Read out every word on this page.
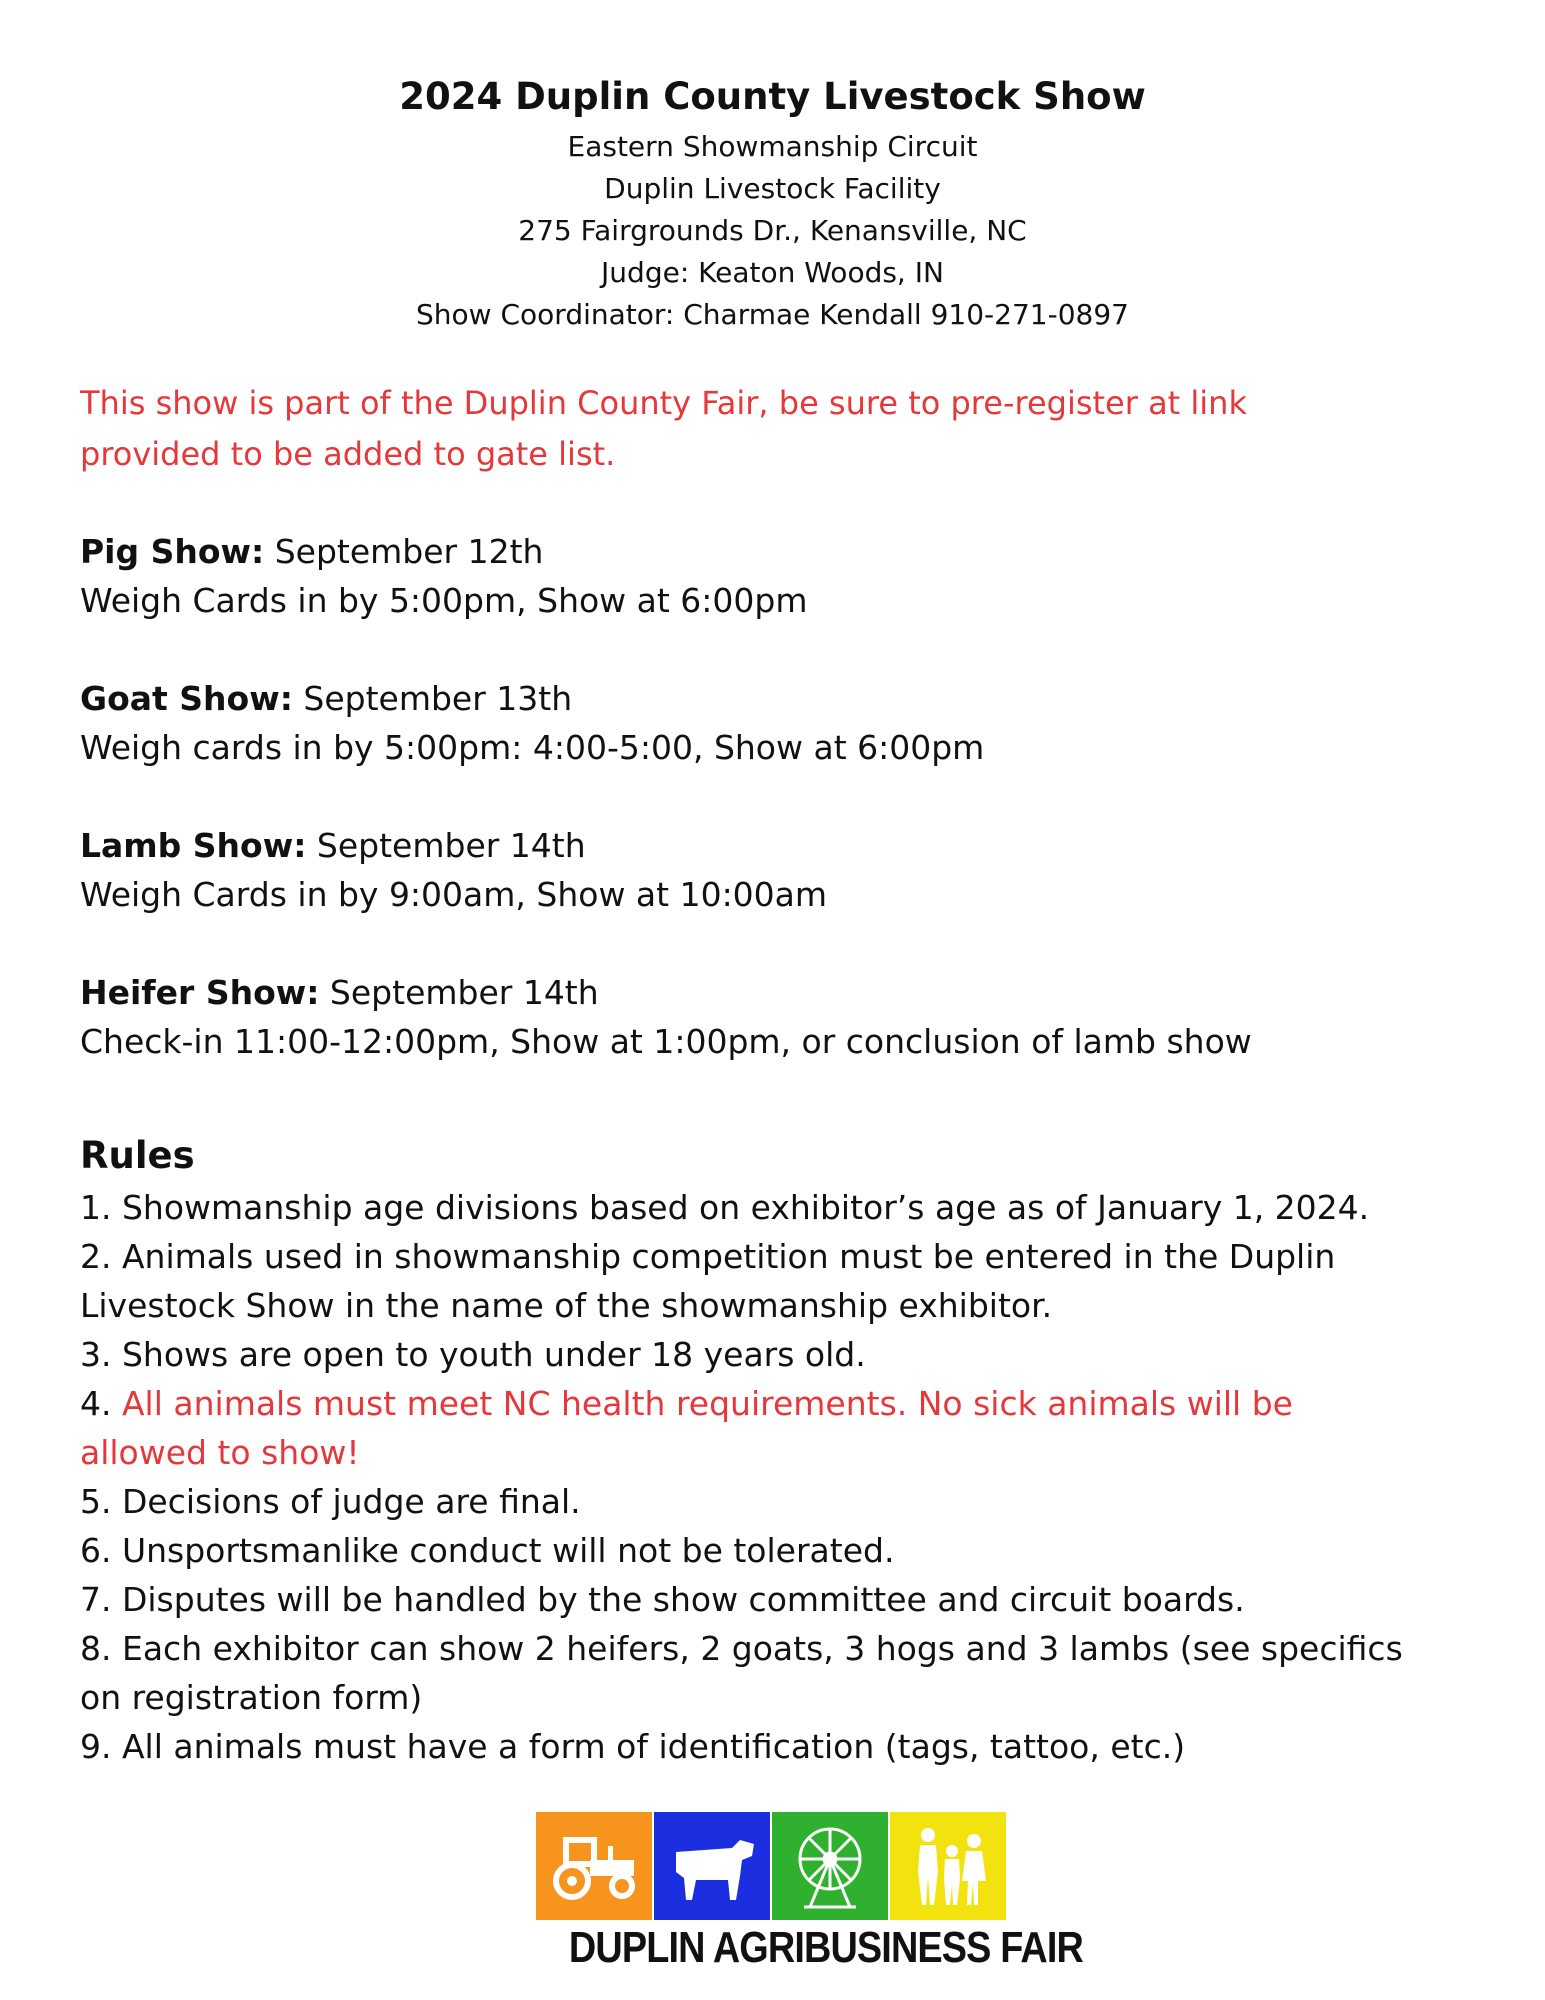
2024 Duplin County Livestock Show
Eastern Showmanship Circuit
Duplin Livestock Facility
275 Fairgrounds Dr., Kenansville, NC
Judge: Keaton Woods, IN
Show Coordinator: Charmae Kendall 910-271-0897
This show is part of the Duplin County Fair, be sure to pre-register at link
provided to be added to gate list.
Pig Show: September 12th
Weigh Cards in by 5:00pm, Show at 6:00pm
Goat Show: September 13th
Weigh cards in by 5:00pm: 4:00-5:00, Show at 6:00pm
Lamb Show: September 14th
Weigh Cards in by 9:00am, Show at 10:00am
Heifer Show: September 14th
Check-in 11:00-12:00pm, Show at 1:00pm, or conclusion of lamb show
Rules
1. Showmanship age divisions based on exhibitor’s age as of January 1, 2024.
2. Animals used in showmanship competition must be entered in the Duplin
Livestock Show in the name of the showmanship exhibitor.
3. Shows are open to youth under 18 years old.
4. All animals must meet NC health requirements. No sick animals will be
allowed to show!
5. Decisions of judge are final.
6. Unsportsmanlike conduct will not be tolerated.
7. Disputes will be handled by the show committee and circuit boards.
8. Each exhibitor can show 2 heifers, 2 goats, 3 hogs and 3 lambs (see specifics
on registration form)
9. All animals must have a form of identification (tags, tattoo, etc.)
DUPLIN AGRIBUSINESS FAIR
